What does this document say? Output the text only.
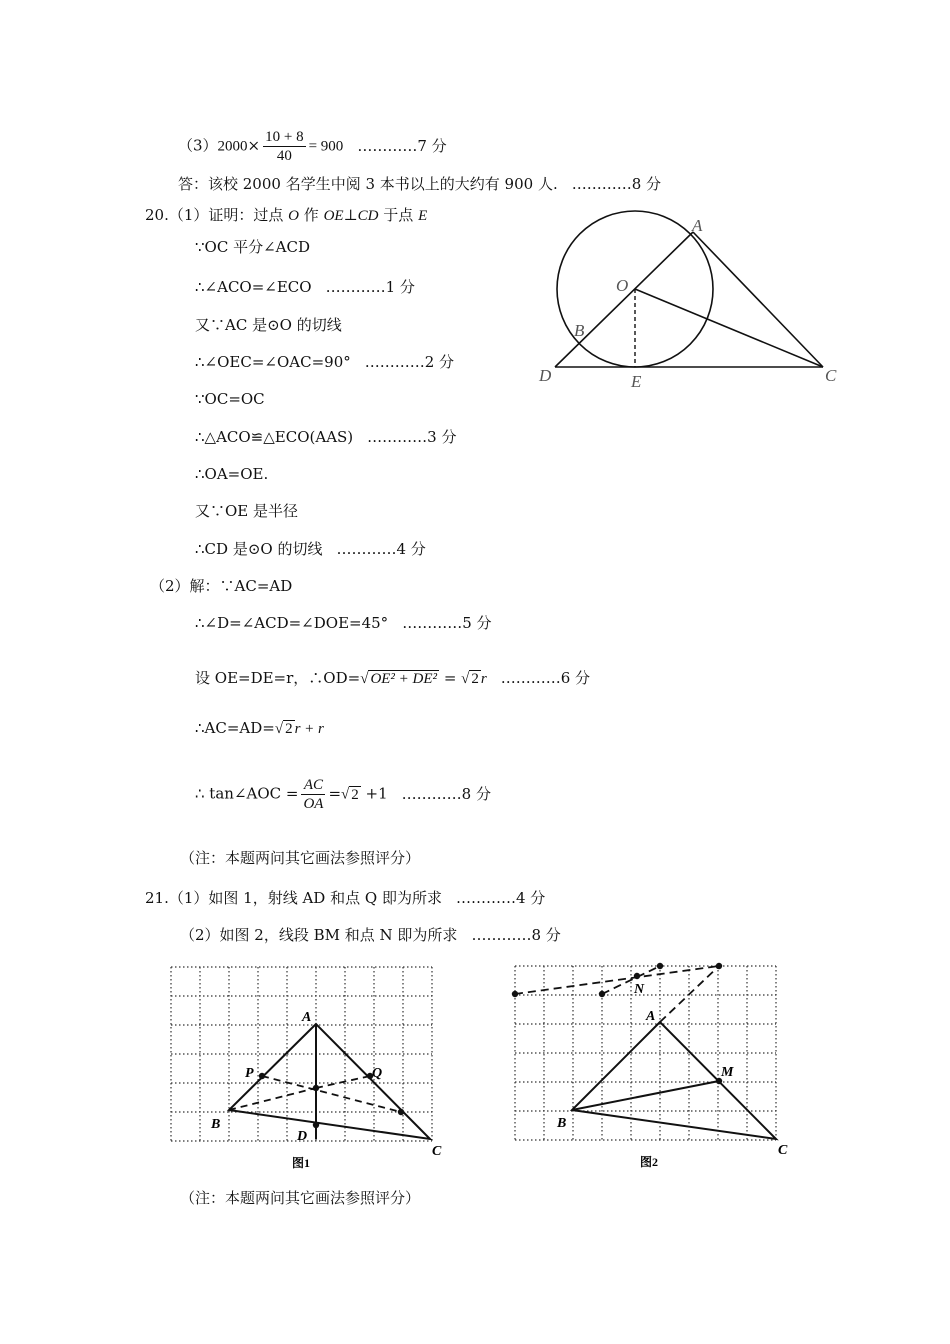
$(3)2000\times \frac{10 + 8}{40} = 900$ …………7 分
答：该校 2000 名学生中阅 3 本书以上的大约有 900 人. …………8 分
20.（1）证明：过点 O 作 OE⊥CD 于点 E
∵OC 平分∠ACD
∴∠ACO=∠ECO …………1 分
又∵AC 是⊙O 的切线
∴∠OEC=∠OAC=90° …………2 分
∵OC=OC
∴△ACO≌△ECO(AAS) …………3 分
∴OA=OE.
又∵OE 是半径
∴CD 是⊙O 的切线 …………4 分
（2）解：∵AC=AD
∴∠D=∠ACD=∠DOE=45° …………5 分
设 OE=DE=r，∴OD=√ OE² + DE² = √ 2 r …………6 分
∴AC=AD=√ 2 r + r
∴ tan∠AOC = $\frac{AC}{OA}$ =√ 2 +1 …………8 分
（注：本题两问其它画法参照评分）
A
O
B
D	E	C
21.（1）如图 1，射线 AD 和点 Q 即为所求 …………4 分
（2）如图 2，线段 BM 和点 N 即为所求 …………8 分
A
P	Q
B
D
C
图1
N
A
M
B
C
图2
（注：本题两问其它画法参照评分）
